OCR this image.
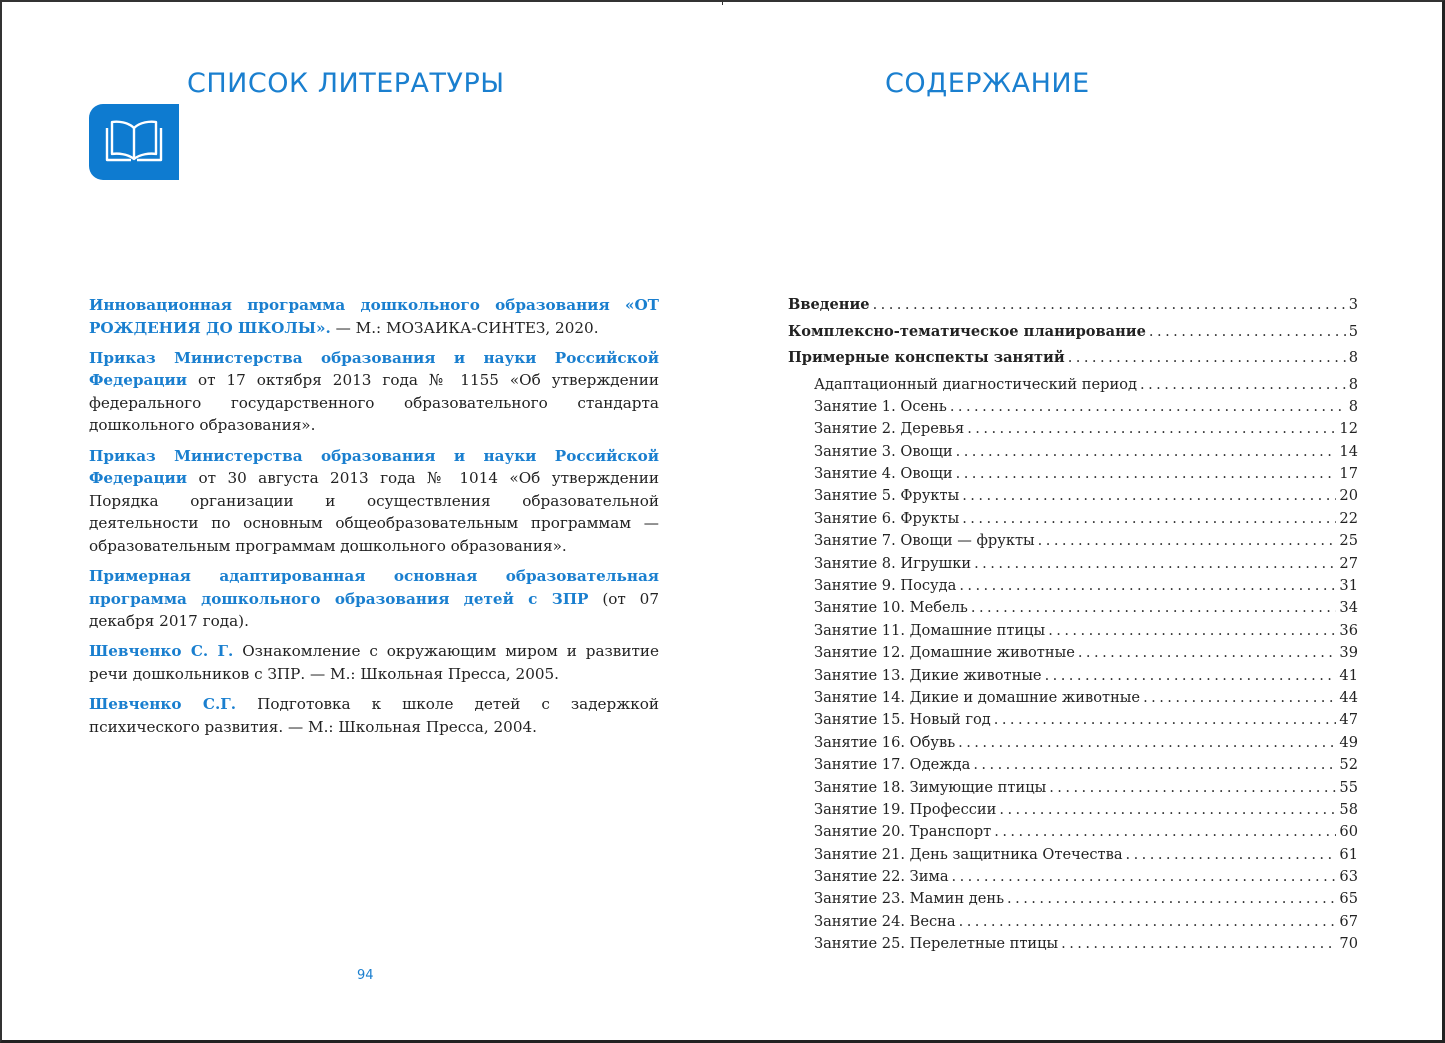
СПИСОК ЛИТЕРАТУРЫ

Инновационная программа дошкольного образования «ОТ РОЖДЕНИЯ ДО ШКОЛЫ». — М.: МОЗАИКА-СИНТЕЗ, 2020.

Приказ Министерства образования и науки Российской Федерации от 17 октября 2013 года № 1155 «Об утверждении федерального государственного образовательного стандарта дошкольного образования».

Приказ Министерства образования и науки Российской Федерации от 30 августа 2013 года № 1014 «Об утверждении Порядка организации и осуществления образовательной деятельности по основным общеобразовательным программам — образовательным программам дошкольного образования».

Примерная адаптированная основная образовательная программа дошкольного образования детей с ЗПР (от 07 декабря 2017 года).

Шевченко С. Г. Ознакомление с окружающим миром и развитие речи дошкольников с ЗПР. — М.: Школьная Пресса, 2005.

Шевченко С.Г. Подготовка к школе детей с задержкой психического развития. — М.: Школьная Пресса, 2004.

94
СОДЕРЖАНИЕ
Введение . . .	3
Комплексно-тематическое планирование . . .	5
Примерные конспекты занятий . . .	8
Адаптационный диагностический период . . .	8
Занятие 1. Осень . . .	8
Занятие 2. Деревья . . .	12
Занятие 3. Овощи . . .	14
Занятие 4. Овощи . . .	17
Занятие 5. Фрукты . . .	20
Занятие 6. Фрукты . . .	22
Занятие 7. Овощи — фрукты . . .	25
Занятие 8. Игрушки . . .	27
Занятие 9. Посуда . . .	31
Занятие 10. Мебель . . .	34
Занятие 11. Домашние птицы . . .	36
Занятие 12. Домашние животные . . .	39
Занятие 13. Дикие животные . . .	41
Занятие 14. Дикие и домашние животные . . .	44
Занятие 15. Новый год . . .	47
Занятие 16. Обувь . . .	49
Занятие 17. Одежда . . .	52
Занятие 18. Зимующие птицы . . .	55
Занятие 19. Профессии . . .	58
Занятие 20. Транспорт . . .	60
Занятие 21. День защитника Отечества . . .	61
Занятие 22. Зима . . .	63
Занятие 23. Мамин день . . .	65
Занятие 24. Весна . . .	67
Занятие 25. Перелетные птицы . . .	70
